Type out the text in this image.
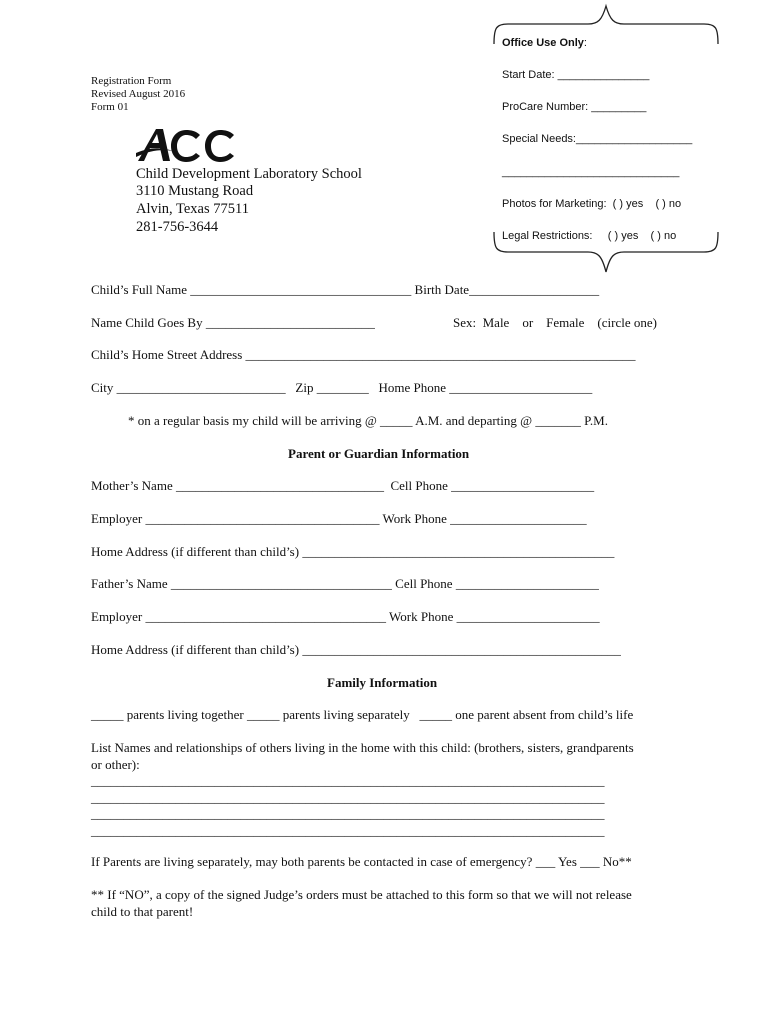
Office Use Only:
Start Date: _______________
ProCare Number: _________
Special Needs:___________________
_____________________________
Photos for Marketing:  ( ) yes    ( ) no
Legal Restrictions:     ( ) yes    ( ) no
Registration Form
Revised August 2016
Form 01
Child Development Laboratory School
3110 Mustang Road
Alvin, Texas 77511
281-756-3644
Child’s Full Name __________________________________ Birth Date____________________
Name Child Goes By __________________________	Sex:  Male    or    Female    (circle one)
Child’s Home Street Address ____________________________________________________________
City __________________________   Zip ________   Home Phone ______________________
* on a regular basis my child will be arriving @ _____ A.M. and departing @ _______ P.M.
Parent or Guardian Information
Mother’s Name ________________________________  Cell Phone ______________________
Employer ____________________________________ Work Phone _____________________
Home Address (if different than child’s) ________________________________________________
Father’s Name __________________________________ Cell Phone ______________________
Employer _____________________________________ Work Phone ______________________
Home Address (if different than child’s) _________________________________________________
Family Information
_____ parents living together _____ parents living separately   _____ one parent absent from child’s life
List Names and relationships of others living in the home with this child: (brothers, sisters, grandparents
or other):
_______________________________________________________________________________
_______________________________________________________________________________
_______________________________________________________________________________
_______________________________________________________________________________
If Parents are living separately, may both parents be contacted in case of emergency? ___ Yes ___ No**
** If “NO”, a copy of the signed Judge’s orders must be attached to this form so that we will not release
child to that parent!
